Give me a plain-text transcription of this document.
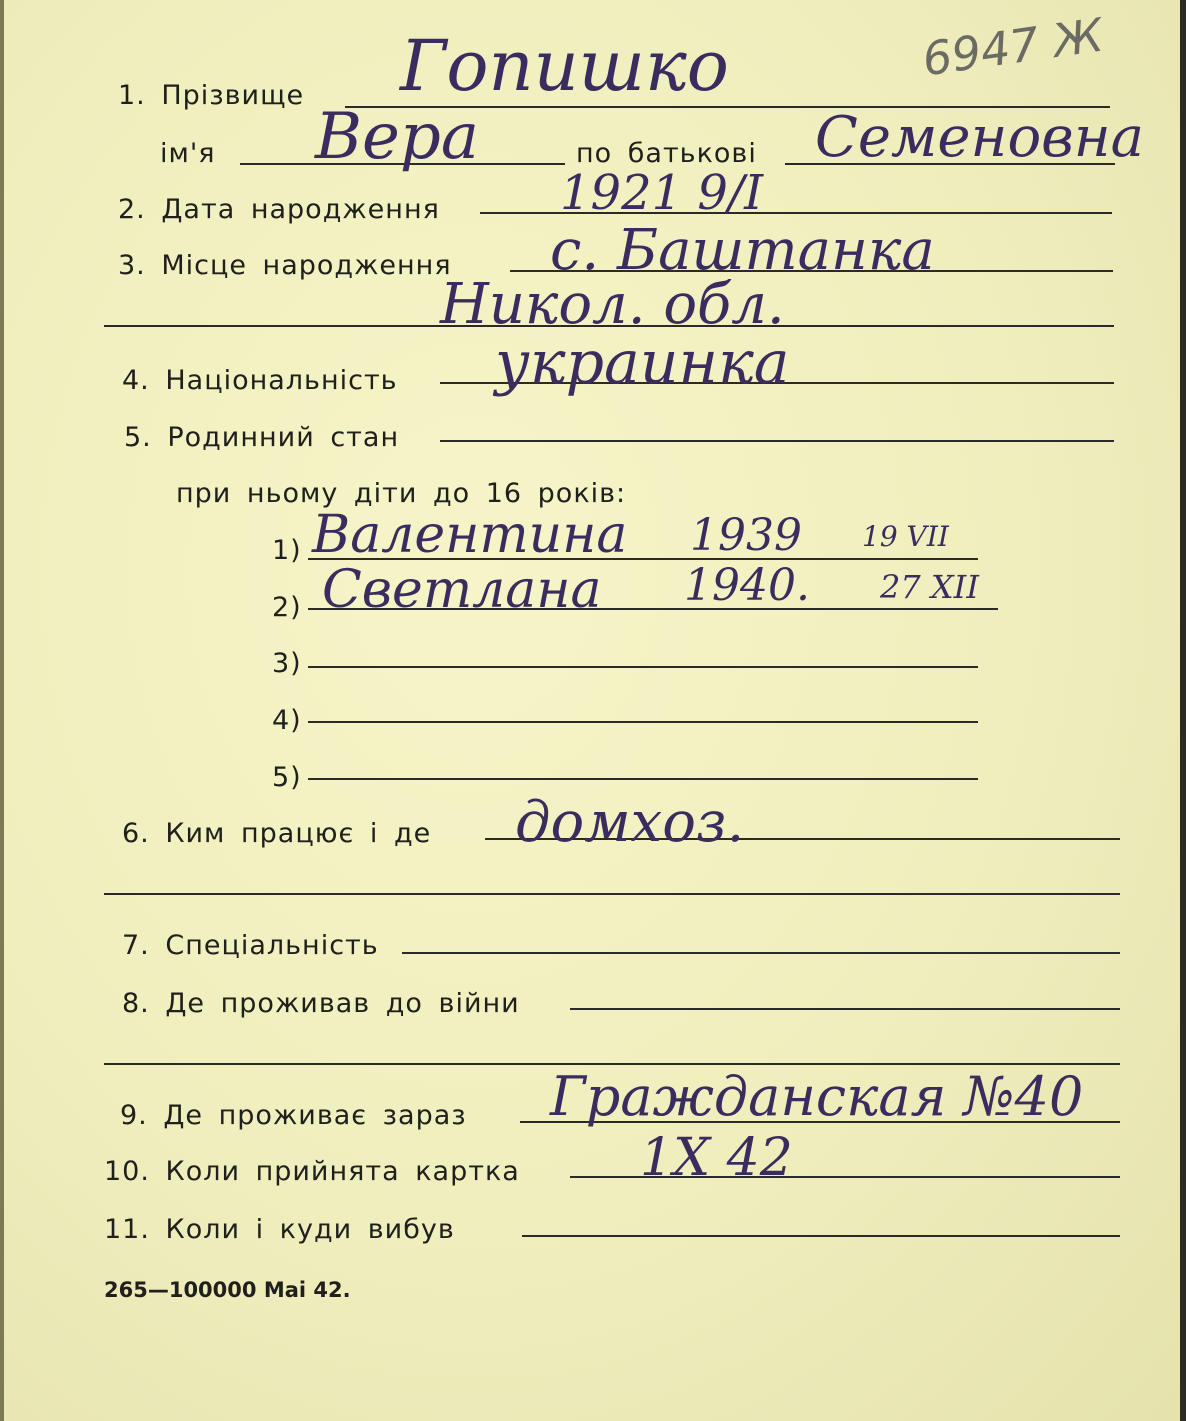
6947 Ж
1. Прізвище Гопишко
ім'я Вера	по батькові Семеновна
2. Дата народження	1921 9/І
3. Місце народження с. Баштанка
Никол. обл.
4. Національність украинка
5. Родинний стан
при ньому діти до 16 років:
1) Валентина 1939 19 VII
2) Светлана 1940. 27 XII
3)
4)
5)
6. Ким працює і де домхоз.
7. Спеціальність
8. Де проживав до війни
9. Де проживає зараз Гражданская №40
10. Коли прийнята картка 1Х 42
11. Коли і куди вибув
265—100000 Маі 42.
